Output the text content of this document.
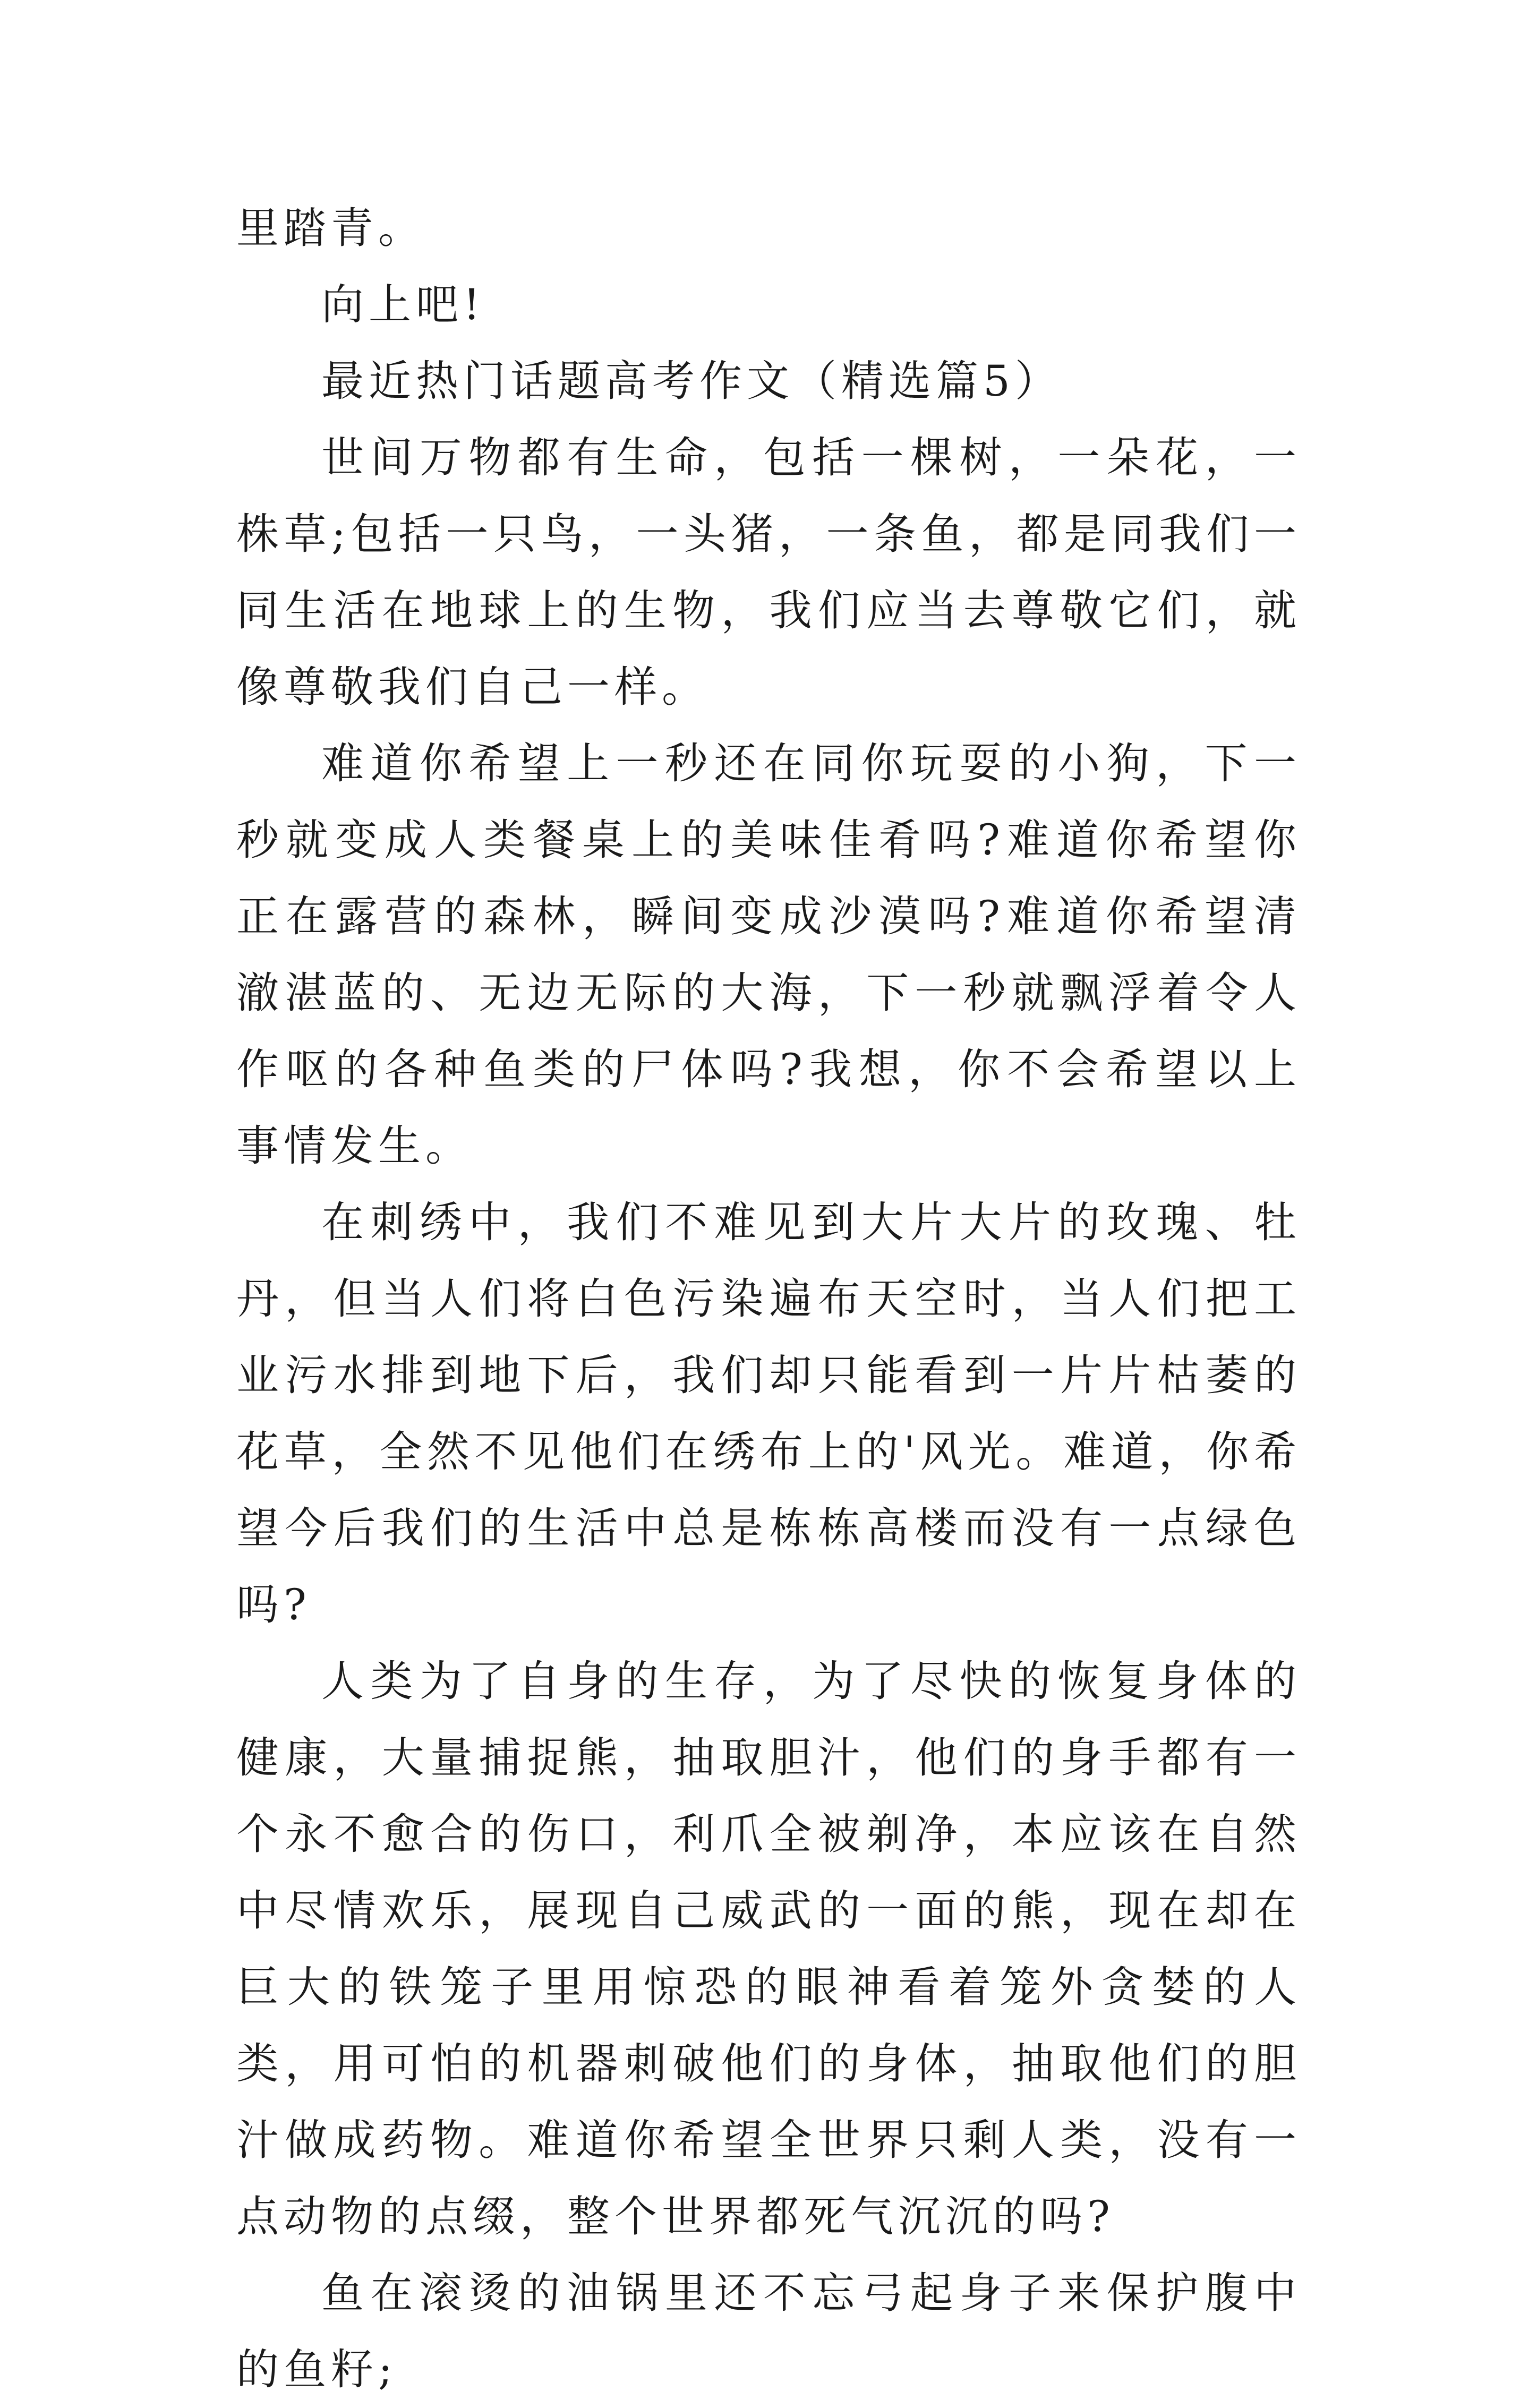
里踏青。

向上吧!

最近热门话题高考作文（精选篇5）

世间万物都有生命，包括一棵树，一朵花，一株草;包括一只鸟，一头猪，一条鱼，都是同我们一同生活在地球上的生物，我们应当去尊敬它们，就像尊敬我们自己一样。

难道你希望上一秒还在同你玩耍的小狗，下一秒就变成人类餐桌上的美味佳肴吗?难道你希望你正在露营的森林，瞬间变成沙漠吗?难道你希望清澈湛蓝的、无边无际的大海，下一秒就飘浮着令人作呕的各种鱼类的尸体吗?我想，你不会希望以上事情发生。

在刺绣中，我们不难见到大片大片的玫瑰、牡丹，但当人们将白色污染遍布天空时，当人们把工业污水排到地下后，我们却只能看到一片片枯萎的花草，全然不见他们在绣布上的'风光。难道，你希望今后我们的生活中总是栋栋高楼而没有一点绿色吗?

人类为了自身的生存，为了尽快的恢复身体的健康，大量捕捉熊，抽取胆汁，他们的身手都有一个永不愈合的伤口，利爪全被剃净，本应该在自然中尽情欢乐，展现自己威武的一面的熊，现在却在巨大的铁笼子里用惊恐的眼神看着笼外贪婪的人类，用可怕的机器刺破他们的身体，抽取他们的胆汁做成药物。难道你希望全世界只剩人类，没有一点动物的点缀，整个世界都死气沉沉的吗?

鱼在滚烫的油锅里还不忘弓起身子来保护腹中的鱼籽;
